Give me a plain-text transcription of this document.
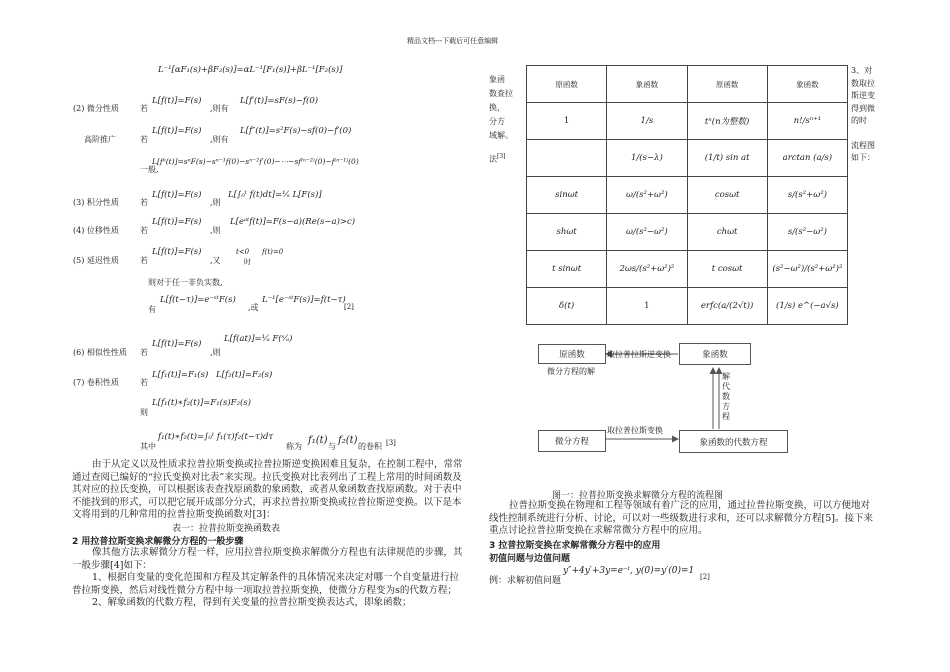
精品文档---下载后可任意编辑
L⁻¹[αF₁(s)+βF₂(s)]=αL⁻¹[F₁(s)]+βL⁻¹[F₂(s)]
(2) 微分性质	若
L[f(t)]=F(s)
,则有
L[f′(t)]=sF(s)−f(0)
高阶推广	若
L[f(t)]=F(s)
,则有
L[f″(t)]=s²F(s)−sf(0)−f′(0)
一般,
L[fⁿ(t)]=sⁿF(s)−sⁿ⁻¹f(0)−sⁿ⁻²f′(0)−⋯−sf⁽ⁿ⁻²⁾(0)−f⁽ⁿ⁻¹⁾(0)
(3) 积分性质	若
L[f(t)]=F(s)
,则
L[∫₀ᵗ f(t)dt]=¹⁄ₛ L[F(s)]
(4) 位移性质	若
L[f(t)]=F(s)
,则
L[eᵃᵗf(t)]=F(s−a)(Re(s−a)>c)
(5) 延迟性质	若
L[f(t)]=F(s)
,又
t<0
时
f(t)=0
则对于任一非负实数,
有
L[f(t−τ)]=e⁻ˢᵗF(s)
,或
L⁻¹[e⁻ˢᵗF(s)]=f(t−τ)
[2]
(6) 相似性性质 若
L[f(t)]=F(s)
,则
L[f(at)]=¹⁄ₐ F(ˢ⁄ₐ)
(7) 卷积性质	若
L[f₁(t)]=F₁(s) L[f₂(t)]=F₂(s)
则
L[f₁(t)∗f₂(t)]=F₁(s)F₂(s)
其中
f₁(t)∗f₂(t)=∫₀ᵗ f₁(τ)f₂(t−τ)dτ
称为
f₁(t)
与
f₂(t)
的卷积 [3]
由于从定义以及性质求拉普拉斯变换或拉普拉斯逆变换困难且复杂，在控制工程中，常常通过查阅已编好的“拉氏变换对比表”来实现。拉氏变换对比表列出了工程上常用的时间函数及其对应的拉氏变换，可以根据该表查找原函数的象函数，或者从象函数查找原函数。对于表中不能找到的形式，可以把它展开成部分分式，再求拉普拉斯变换或拉普拉斯逆变换。以下是本文将用到的几种常用的拉普拉斯变换函数对[3]：
表一：拉普拉斯变换函数表
2 用拉普拉斯变换求解微分方程的一般步骤
像其他方法求解微分方程一样，应用拉普拉斯变换求解微分方程也有法律规范的步骤，其一般步骤[4]如下：
1、根据自变量的变化范围和方程及其定解条件的具体情况来决定对哪一个自变量进行拉普拉斯变换，然后对线性微分方程中每一项取拉普拉斯变换，使微分方程变为s的代数方程；
2、解象函数的代数方程，得到有关变量的拉普拉斯变换表达式，即象函数；
象函
数查拉
换，
分方
域解。
法[3]
3、对
数取拉
斯逆变
得到微
的时
流程图
如下：
原函数	象函数	原函数	象函数
1	1/s	tⁿ(n为整数)	n!/sⁿ⁺¹
	1/(s−λ)	(1/t) sin at	arctan (a/s)
sinωt	ω/(s²+ω²)	cosωt	s/(s²+ω²)
shωt	ω/(s²−ω²)	chωt	s/(s²−ω²)
t sinωt	2ωs/(s²+ω²)²	t cosωt	(s²−ω²)/(s²+ω²)²
δ(t)	1	erfc(a/(2√t))	(1/s) e^(−a√s)
原函数	象函数
微分方程	象函数的代数方程
取拉普拉斯逆变换
取拉普拉斯变换
微分方程的解
解
代
数
方
程
图一：拉普拉斯变换求解微分方程的流程图
拉普拉斯变换在物理和工程等领域有着广泛的应用，通过拉普拉斯变换，可以方便地对线性控制系统进行分析、讨论，可以对一些级数进行求和，还可以求解微分方程[5]。接下来重点讨论拉普拉斯变换在求解常微分方程中的应用。
3 拉普拉斯变换在求解常微分方程中的应用
初值问题与边值问题
例：求解初值问题
y″+4y′+3y=e⁻ᵗ, y(0)=y′(0)=1
[2]
